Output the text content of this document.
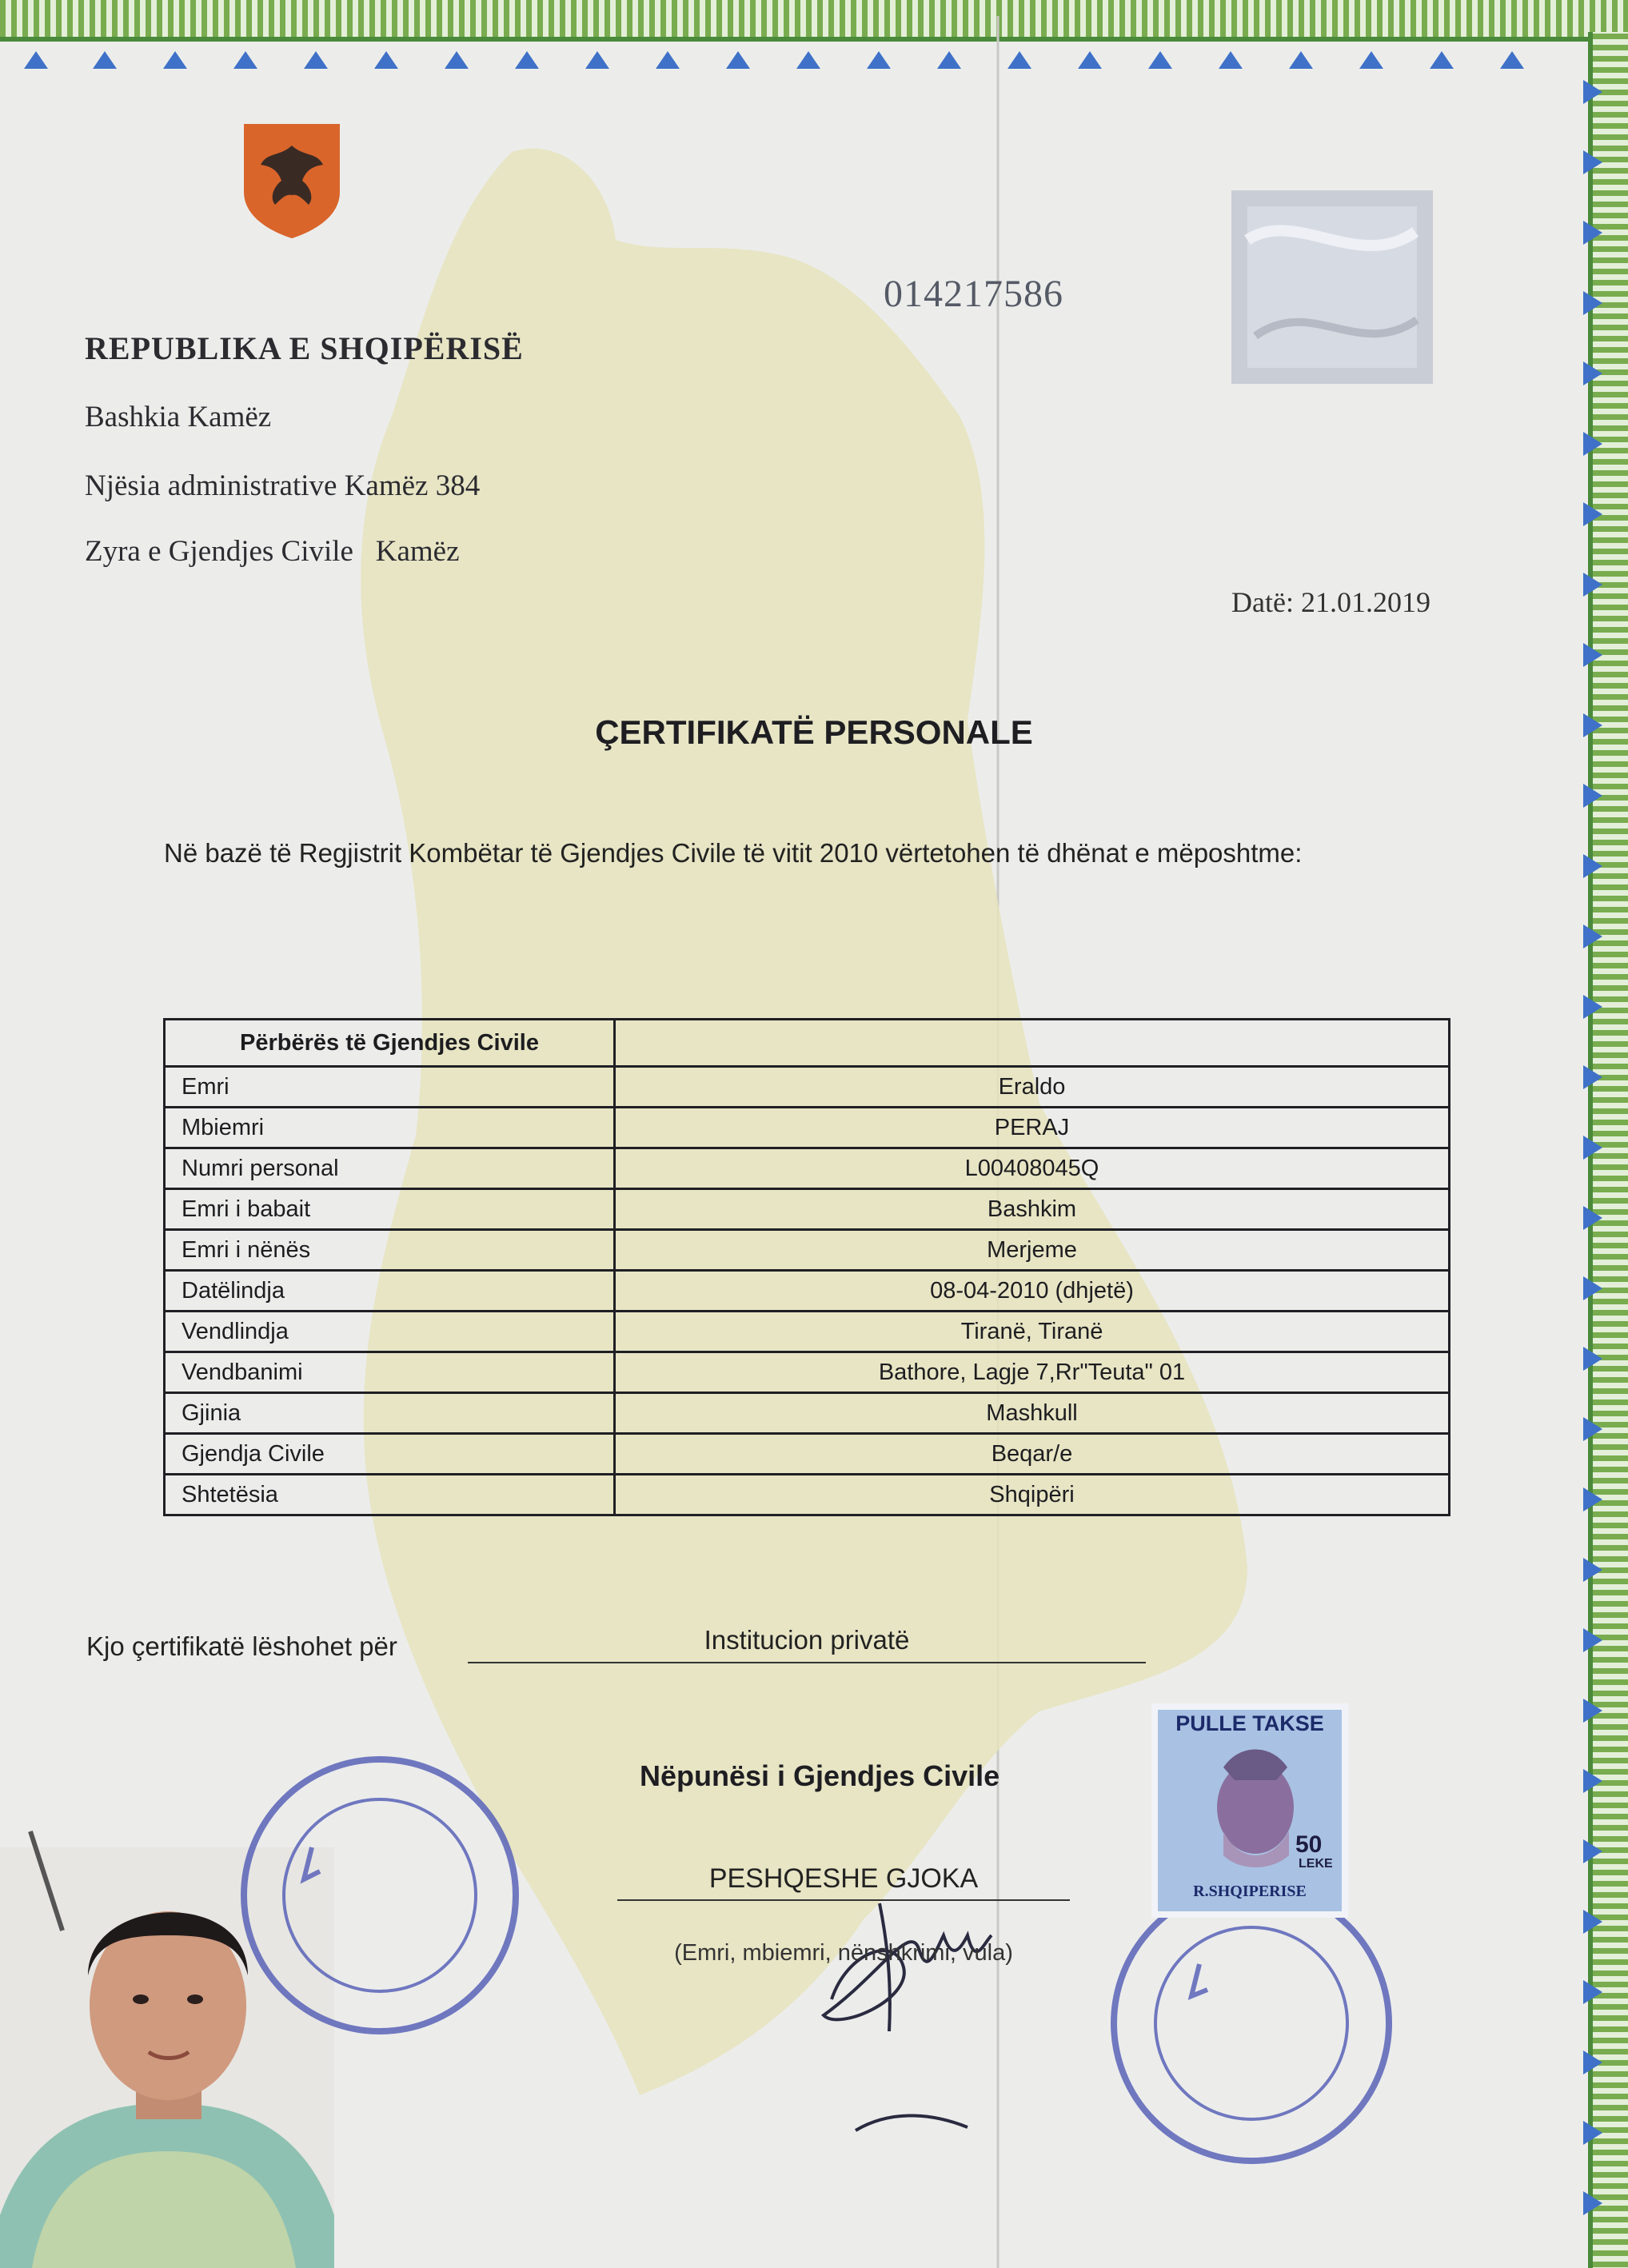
REPUBLIKA E SHQIPËRISË
Bashkia Kamëz
Njësia administrative Kamëz 384
Zyra e Gjendjes Civile   Kamëz
014217586
Datë: 21.01.2019
ÇERTIFIKATË PERSONALE
Në bazë të Regjistrit Kombëtar të Gjendjes Civile të vitit 2010 vërtetohen të dhënat e mëposhtme:
Përbërës të Gjendjes Civile	
Emri	Eraldo
Mbiemri	PERAJ
Numri personal	L00408045Q
Emri i babait	Bashkim
Emri i nënës	Merjeme
Datëlindja	08-04-2010 (dhjetë)
Vendlindja	Tiranë, Tiranë
Vendbanimi	Bathore, Lagje 7,Rr"Teuta" 01
Gjinia	Mashkull
Gjendja Civile	Beqar/e
Shtetësia	Shqipëri
Kjo çertifikatë lëshohet për	Institucion privatë
Nëpunësi i Gjendjes Civile
PESHQESHE GJOKA
(Emri, mbiemri, nënshkrimi, vula)
PULLE TAKSE
50
LEKE
R.SHQIPERISE
